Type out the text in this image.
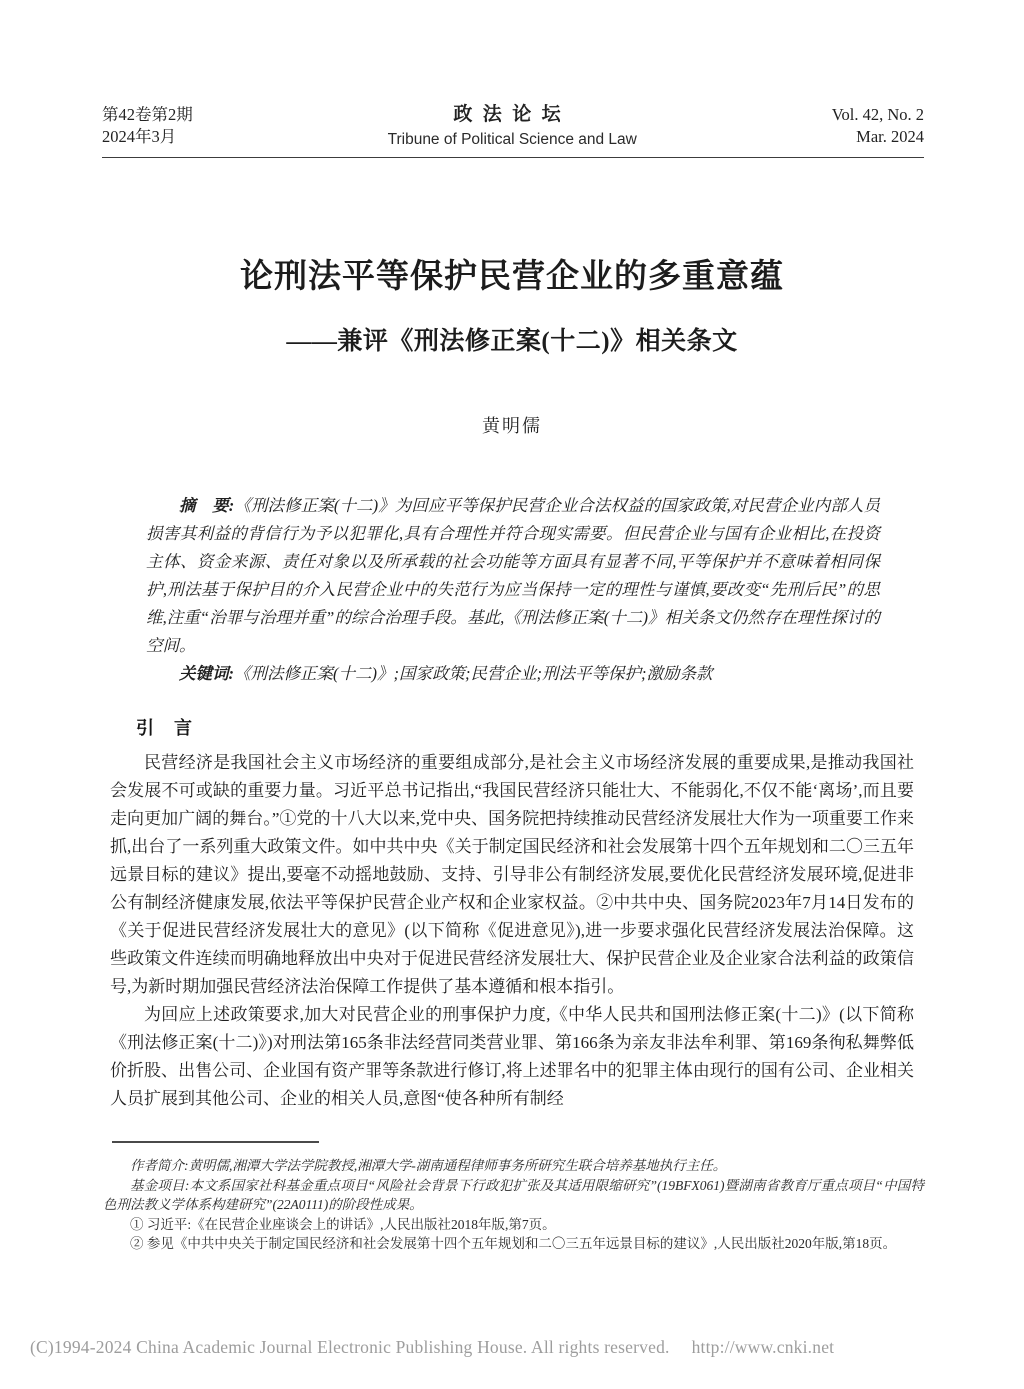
第42卷第2期
2024年3月
政法论坛
Tribune of Political Science and Law
Vol. 42, No. 2
Mar. 2024
论刑法平等保护民营企业的多重意蕴
——兼评《刑法修正案(十二)》相关条文
黄明儒

摘　要:《刑法修正案(十二)》为回应平等保护民营企业合法权益的国家政策,对民营企业内部人员损害其利益的背信行为予以犯罪化,具有合理性并符合现实需要。但民营企业与国有企业相比,在投资主体、资金来源、责任对象以及所承载的社会功能等方面具有显著不同,平等保护并不意味着相同保护,刑法基于保护目的介入民营企业中的失范行为应当保持一定的理性与谨慎,要改变“先刑后民”的思维,注重“治罪与治理并重”的综合治理手段。基此,《刑法修正案(十二)》相关条文仍然存在理性探讨的空间。

关键词:《刑法修正案(十二)》;国家政策;民营企业;刑法平等保护;激励条款

引　言

民营经济是我国社会主义市场经济的重要组成部分,是社会主义市场经济发展的重要成果,是推动我国社会发展不可或缺的重要力量。习近平总书记指出,“我国民营经济只能壮大、不能弱化,不仅不能‘离场’,而且要走向更加广阔的舞台。”①党的十八大以来,党中央、国务院把持续推动民营经济发展壮大作为一项重要工作来抓,出台了一系列重大政策文件。如中共中央《关于制定国民经济和社会发展第十四个五年规划和二〇三五年远景目标的建议》提出,要毫不动摇地鼓励、支持、引导非公有制经济发展,要优化民营经济发展环境,促进非公有制经济健康发展,依法平等保护民营企业产权和企业家权益。②中共中央、国务院2023年7月14日发布的《关于促进民营经济发展壮大的意见》(以下简称《促进意见》),进一步要求强化民营经济发展法治保障。这些政策文件连续而明确地释放出中央对于促进民营经济发展壮大、保护民营企业及企业家合法利益的政策信号,为新时期加强民营经济法治保障工作提供了基本遵循和根本指引。

为回应上述政策要求,加大对民营企业的刑事保护力度,《中华人民共和国刑法修正案(十二)》(以下简称《刑法修正案(十二)》)对刑法第165条非法经营同类营业罪、第166条为亲友非法牟利罪、第169条徇私舞弊低价折股、出售公司、企业国有资产罪等条款进行修订,将上述罪名中的犯罪主体由现行的国有公司、企业相关人员扩展到其他公司、企业的相关人员,意图“使各种所有制经

作者简介:黄明儒,湘潭大学法学院教授,湘潭大学-湖南通程律师事务所研究生联合培养基地执行主任。

基金项目:本文系国家社科基金重点项目“风险社会背景下行政犯扩张及其适用限缩研究”(19BFX061)暨湖南省教育厅重点项目“中国特色刑法教义学体系构建研究”(22A0111)的阶段性成果。

① 习近平:《在民营企业座谈会上的讲话》,人民出版社2018年版,第7页。

② 参见《中共中央关于制定国民经济和社会发展第十四个五年规划和二〇三五年远景目标的建议》,人民出版社2020年版,第18页。

(C)1994-2024 China Academic Journal Electronic Publishing House. All rights reserved. http://www.cnki.net
